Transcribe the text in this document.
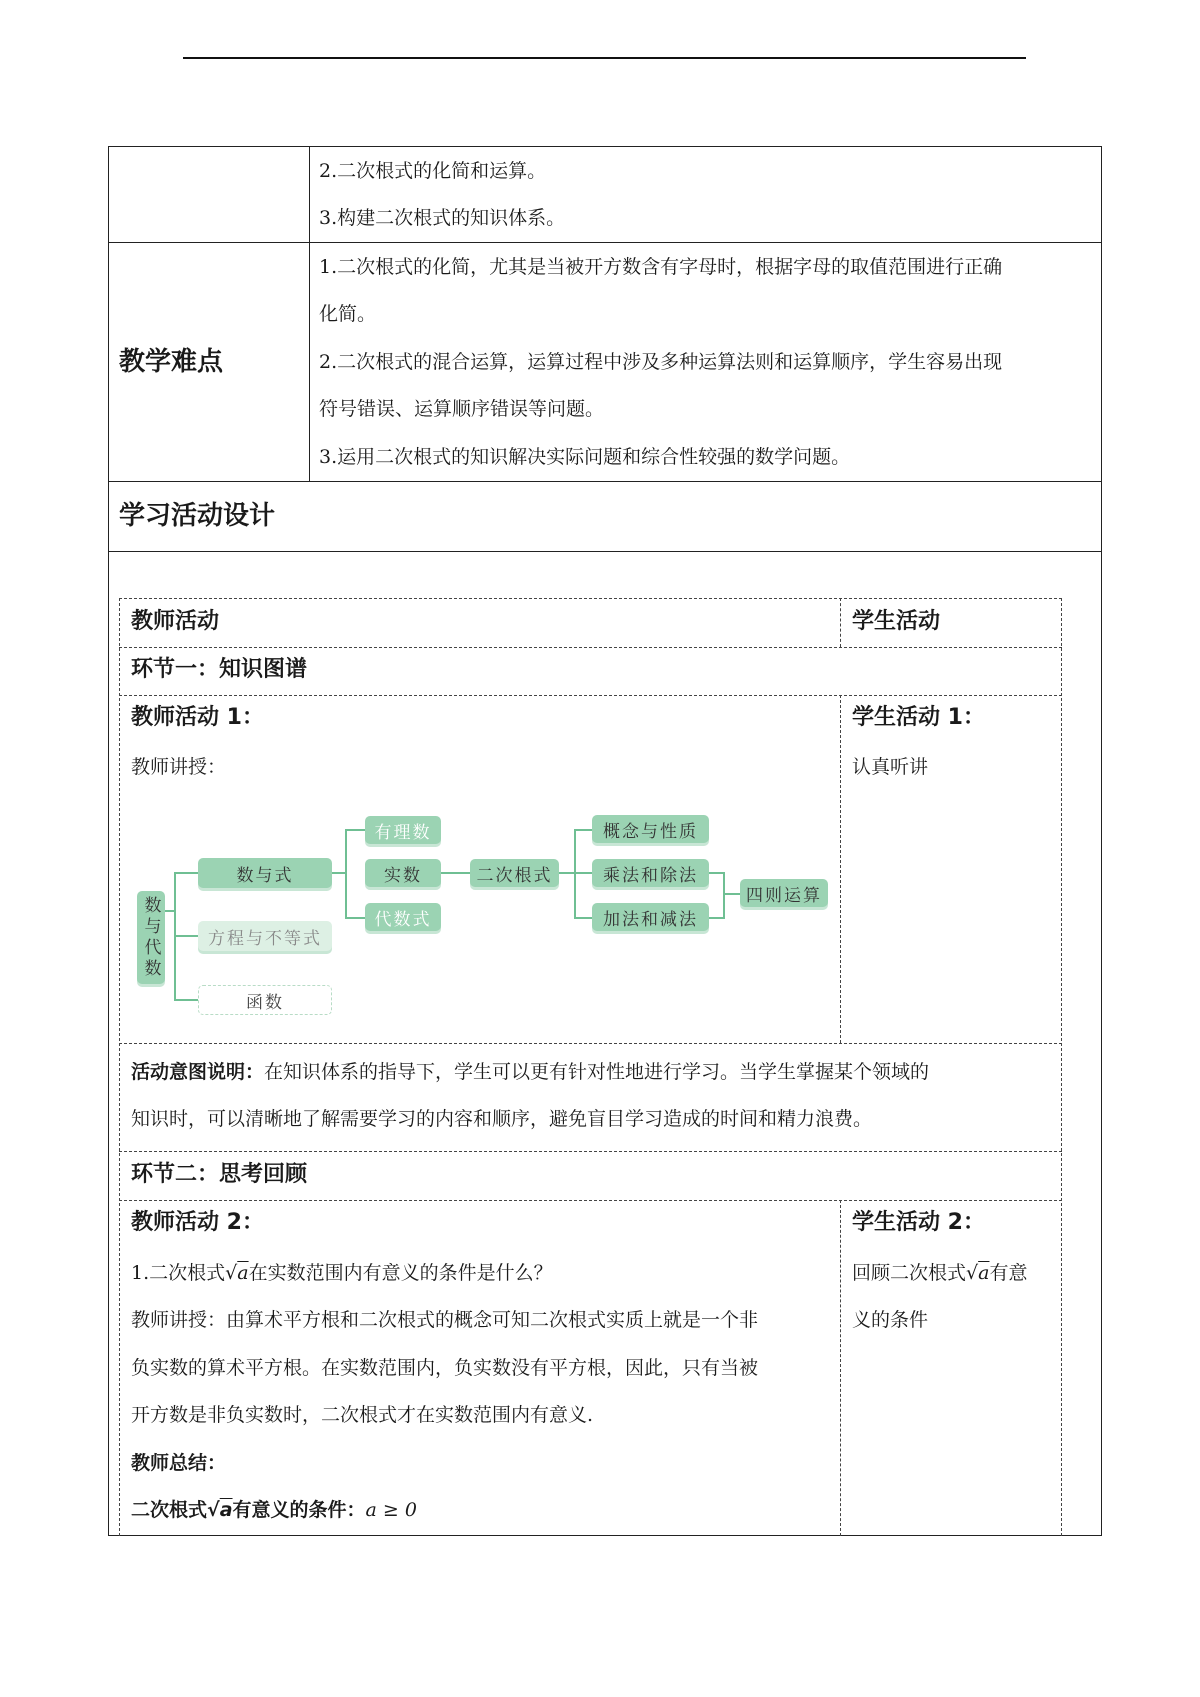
2.二次根式的化简和运算。
3.构建二次根式的知识体系。
教学难点
1.二次根式的化简，尤其是当被开方数含有字母时，根据字母的取值范围进行正确
化简。
2.二次根式的混合运算，运算过程中涉及多种运算法则和运算顺序，学生容易出现
符号错误、运算顺序错误等问题。
3.运用二次根式的知识解决实际问题和综合性较强的数学问题。
学习活动设计
教师活动	学生活动
环节一：知识图谱
教师活动 1：
教师讲授：
学生活动 1：
认真听讲
数与代数
数与式
方程与不等式
函数
有理数
实数
代数式
二次根式
概念与性质
乘法和除法
加法和减法
四则运算
活动意图说明：在知识体系的指导下，学生可以更有针对性地进行学习。当学生掌握某个领域的
知识时，可以清晰地了解需要学习的内容和顺序，避免盲目学习造成的时间和精力浪费。
环节二：思考回顾
教师活动 2：
1.二次根式√a在实数范围内有意义的条件是什么？
教师讲授：由算术平方根和二次根式的概念可知二次根式实质上就是一个非
负实数的算术平方根。在实数范围内，负实数没有平方根，因此，只有当被
开方数是非负实数时，二次根式才在实数范围内有意义.
教师总结：
二次根式√a有意义的条件：a ≥ 0
学生活动 2：
回顾二次根式√a有意
义的条件
